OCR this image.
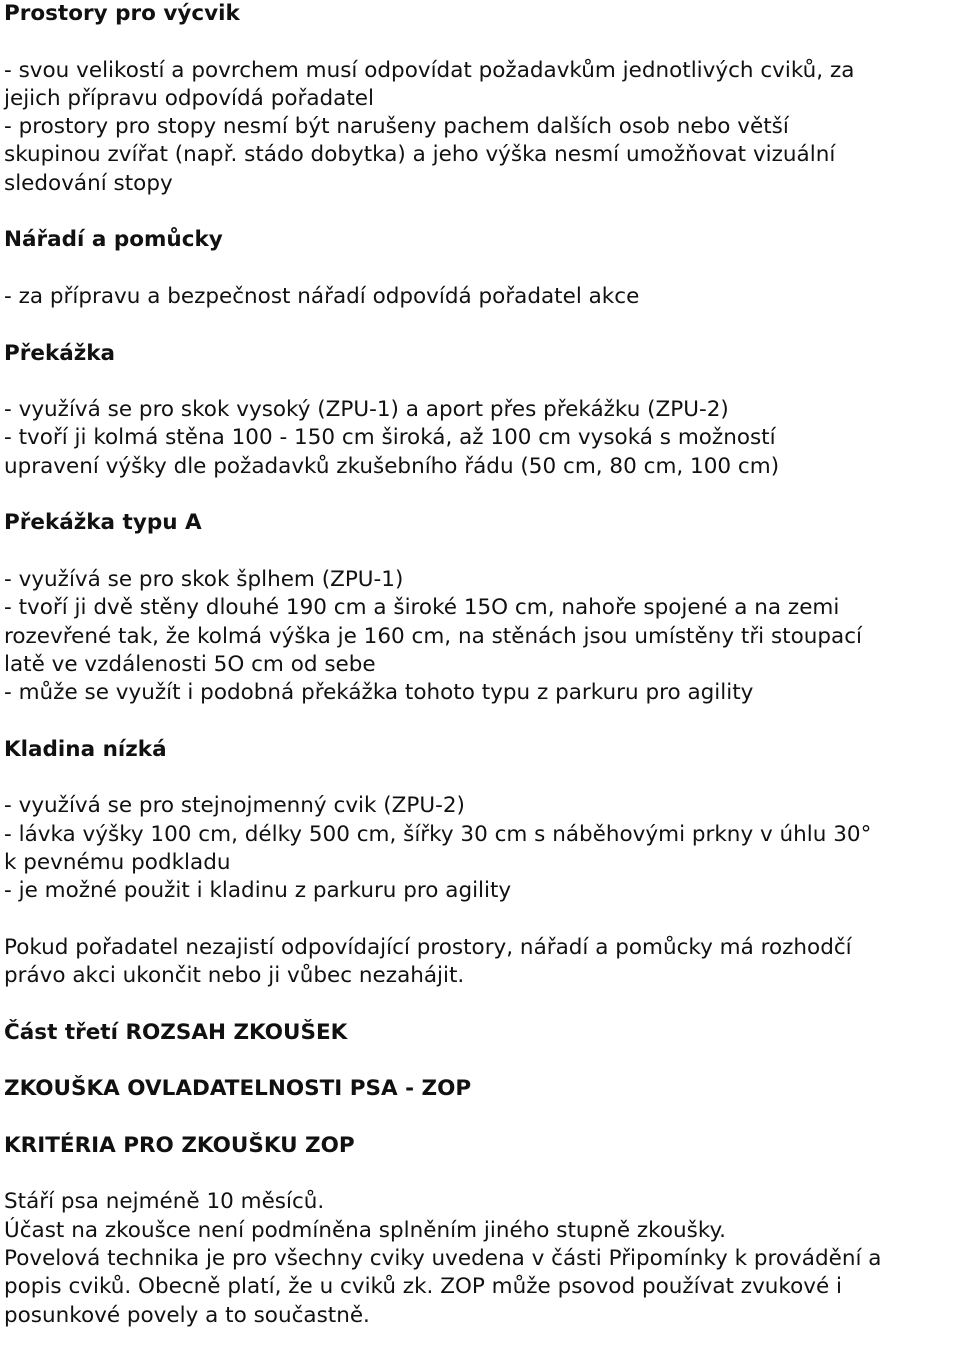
Prostory pro výcvik

- svou velikostí a povrchem musí odpovídat požadavkům jednotlivých cviků, za

jejich přípravu odpovídá pořadatel

- prostory pro stopy nesmí být narušeny pachem dalších osob nebo větší

skupinou zvířat (např. stádo dobytka) a jeho výška nesmí umožňovat vizuální

sledování stopy

Nářadí a pomůcky

- za přípravu a bezpečnost nářadí odpovídá pořadatel akce

Překážka

- využívá se pro skok vysoký (ZPU-1) a aport přes překážku (ZPU-2)

- tvoří ji kolmá stěna 100 - 150 cm široká, až 100 cm vysoká s možností

upravení výšky dle požadavků zkušebního řádu (50 cm, 80 cm, 100 cm)

Překážka typu A

- využívá se pro skok šplhem (ZPU-1)

- tvoří ji dvě stěny dlouhé 190 cm a široké 15O cm, nahoře spojené a na zemi

rozevřené tak, že kolmá výška je 160 cm, na stěnách jsou umístěny tři stoupací

latě ve vzdálenosti 5O cm od sebe

- může se využít i podobná překážka tohoto typu z parkuru pro agility

Kladina nízká

- využívá se pro stejnojmenný cvik (ZPU-2)

- lávka výšky 100 cm, délky 500 cm, šířky 30 cm s náběhovými prkny v úhlu 30°

k pevnému podkladu

- je možné použit i kladinu z parkuru pro agility

Pokud pořadatel nezajistí odpovídající prostory, nářadí a pomůcky má rozhodčí

právo akci ukončit nebo ji vůbec nezahájit.

Část třetí ROZSAH ZKOUŠEK

ZKOUŠKA OVLADATELNOSTI PSA - ZOP

KRITÉRIA PRO ZKOUŠKU ZOP

Stáří psa nejméně 10 měsíců.

Účast na zkoušce není podmíněna splněním jiného stupně zkoušky.

Povelová technika je pro všechny cviky uvedena v části Připomínky k provádění a

popis cviků. Obecně platí, že u cviků zk. ZOP může psovod používat zvukové i

posunkové povely a to součastně.
